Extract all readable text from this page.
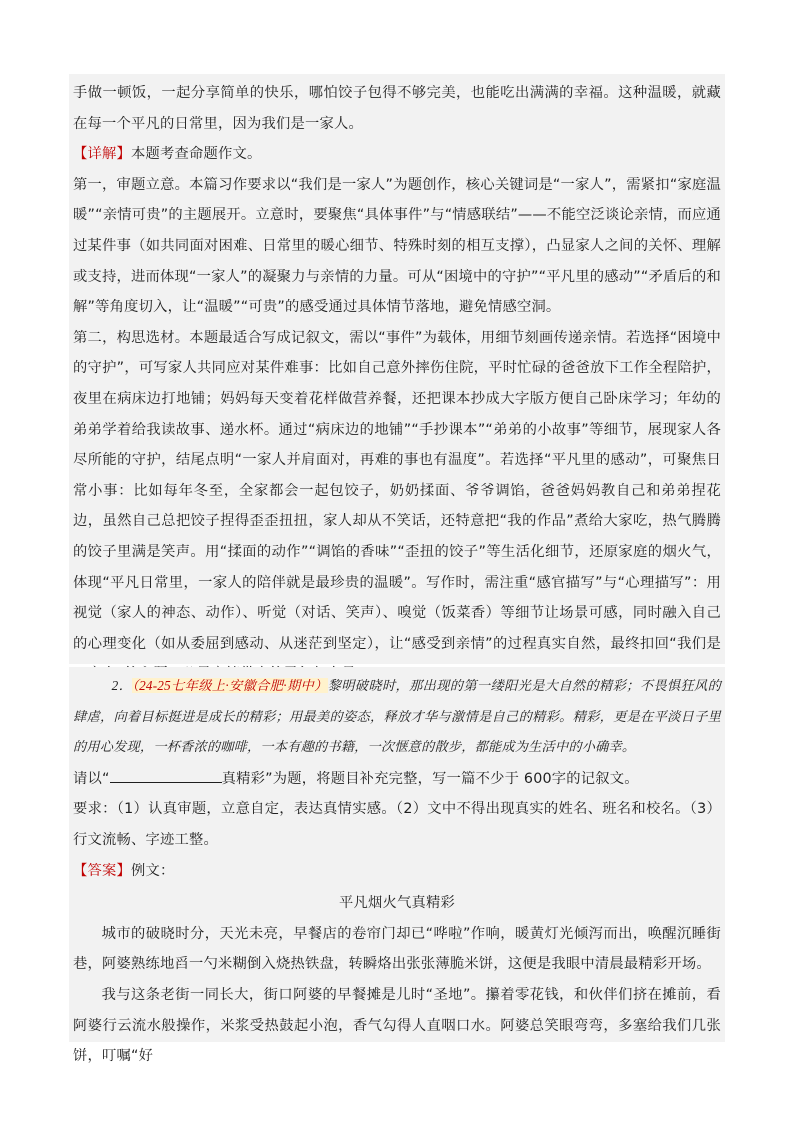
手做一顿饭，一起分享简单的快乐，哪怕饺子包得不够完美，也能吃出满满的幸福。这种温暖，就藏在每一个平凡的日常里，因为我们是一家人。

【详解】本题考查命题作文。

第一，审题立意。本篇习作要求以“我们是一家人”为题创作，核心关键词是“一家人”，需紧扣“家庭温暖”“亲情可贵”的主题展开。立意时，要聚焦“具体事件”与“情感联结”——不能空泛谈论亲情，而应通过某件事（如共同面对困难、日常里的暖心细节、特殊时刻的相互支撑），凸显家人之间的关怀、理解或支持，进而体现“一家人”的凝聚力与亲情的力量。可从“困境中的守护”“平凡里的感动”“矛盾后的和解”等角度切入，让“温暖”“可贵”的感受通过具体情节落地，避免情感空洞。

第二，构思选材。本题最适合写成记叙文，需以“事件”为载体，用细节刻画传递亲情。若选择“困境中的守护”，可写家人共同应对某件难事：比如自己意外摔伤住院，平时忙碌的爸爸放下工作全程陪护，夜里在病床边打地铺；妈妈每天变着花样做营养餐，还把课本抄成大字版方便自己卧床学习；年幼的弟弟学着给我读故事、递水杯。通过“病床边的地铺”“手抄课本”“弟弟的小故事”等细节，展现家人各尽所能的守护，结尾点明“一家人并肩面对，再难的事也有温度”。若选择“平凡里的感动”，可聚焦日常小事：比如每年冬至，全家都会一起包饺子，奶奶揉面、爷爷调馅，爸爸妈妈教自己和弟弟捏花边，虽然自己总把饺子捏得歪歪扭扭，家人却从不笑话，还特意把“我的作品”煮给大家吃，热气腾腾的饺子里满是笑声。用“揉面的动作”“调馅的香味”“歪扭的饺子”等生活化细节，还原家庭的烟火气，体现“平凡日常里，一家人的陪伴就是最珍贵的温暖”。写作时，需注重“感官描写”与“心理描写”：用视觉（家人的神态、动作）、听觉（对话、笑声）、嗅觉（饭菜香）等细节让场景可感，同时融入自己的心理变化（如从委屈到感动、从迷茫到坚定），让“感受到亲情”的过程真实自然，最终扣回“我们是

2．（24-25七年级上·安徽合肥·期中）黎明破晓时，那出现的第一缕阳光是大自然的精彩；不畏惧狂风的肆虐，向着目标挺进是成长的精彩；用最美的姿态，释放才华与激情是自己的精彩。精彩，更是在平淡日子里的用心发现，一杯香浓的咖啡，一本有趣的书籍，一次惬意的散步，都能成为生活中的小确幸。

请以“	真精彩”为题，将题目补充完整，写一篇不少于 600字的记叙文。

要求：（1）认真审题，立意自定，表达真情实感。（2）文中不得出现真实的姓名、班名和校名。（3）行文流畅、字迹工整。

【答案】例文：

平凡烟火气真精彩

城市的破晓时分，天光未亮，早餐店的卷帘门却已“哗啦”作响，暖黄灯光倾泻而出，唤醒沉睡街巷，阿婆熟练地舀一勺米糊倒入烧热铁盘，转瞬烙出张张薄脆米饼，这便是我眼中清晨最精彩开场。

我与这条老街一同长大，街口阿婆的早餐摊是儿时“圣地”。攥着零花钱，和伙伴们挤在摊前，看阿婆行云流水般操作，米浆受热鼓起小泡，香气勾得人直咽口水。阿婆总笑眼弯弯，多塞给我们几张饼，叮嘱“好
